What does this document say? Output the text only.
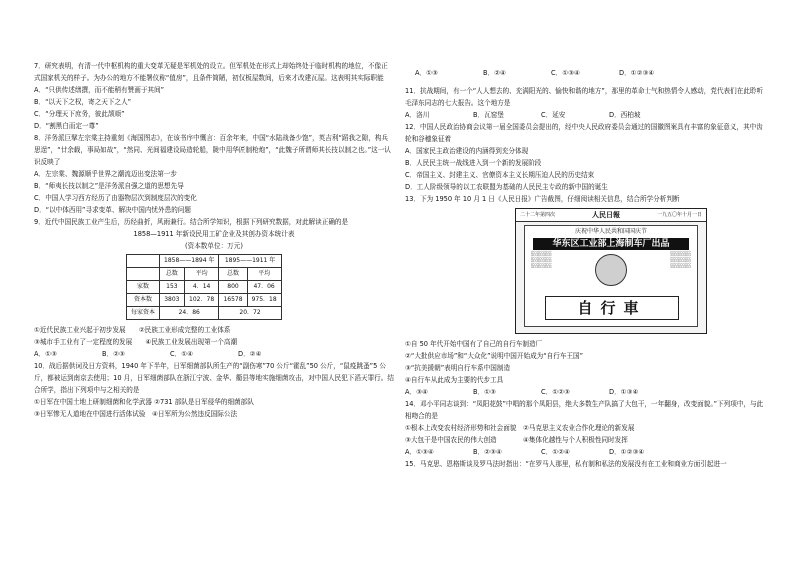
7．研究表明，有清一代中枢机构的重大变革无疑是军机处的设立。但军机处在形式上却始终处于临时机构的地位，不像正式国家机关的样子。为办公的地方不能署仪称“值房”，且条件简陋，初仅板屋数间，后来才改建瓦屋。这表明其实际职能

A．“只供传述缮撰，而不能稍有赞画于其间”

B．“以天下之权，寄之天下之人”

C．“分理天下庶务，彼此颉颃”

D．“割黑白而定一尊”

8．洋务派巨擘左宗棠主持重刻《海国图志》，在该书序中慨言：百余年来，中国“水陆战备少饱”，英吉利“蹈我之隙，构兵思逞”，“廿余载，事局如故”，“然同、光间福建设局造轮船，陇中用华匠制枪炮”，“此魏子所谓师其长技以制之也。”这一认识反映了

A．左宗棠、魏源顺乎世界之潮流迈出变法第一步

B．“师夷长技以制之”是洋务派自强之道的思想先导

C．中国人学习西方经历了由器物层次到制度层次的变化

D．“以中体西用”寻求变革、解决中国内忧外患的问题

9．近代中国民族工业产生后，历经曲折，风雨兼行。结合所学知识，根据下列研究数据，对此解读正确的是

1858—1911 年新设民用工矿企业及其创办资本统计表

(资本数单位：万元)

	1858——1894 年		1895——1911 年	
	总数	平均	总数	平均
家数	153	4．14	800	47．06
资本数	3803	102．78	16578	975．18
每家资本	24．86		20．72	

①近代民族工业兴起于初步发展　　 ②民族工业形成完整的工业体系

③城市手工业有了一定程度的发展　　 ④民族工业发展出现第一个高潮

A．①③	B．②③	C．①④	D．②④

10．战后据供词及日方资料，1940 年下半年，日军细菌部队所生产的“副伤寒”70 公斤“霍乱”50 公斤，“鼠疫跳蚤”5 公斤，都被运到南京去使用；10 月，日军细菌部队在浙江宁波、金华、衢县等地实施细菌攻击，对中国人民犯下滔天罪行。结合所学，指出下列项中与之相关的是

①日军在中国土地上研制细菌和化学武器 ②731 部队是日军侵华的细菌部队

③日军惨无人道地在中国进行活体试验　④日军所为公然违反国际公法

A．①③	B．②④	C．①③④	D．①②③④

11．抗战期间，有一个“人人想去的、充满阳光的、愉快和谐的地方”，那里的革命士气和热情令人感动，党代表们在此聆听毛泽东同志的七大报告。这个地方是

A．洛川	B．瓦窑堡	C．延安	D．西柏坡

12．中国人民政治协商会议第一届全国委员会提出的，经中央人民政府委员会通过的国徽图案具有丰富的象征意义，其中齿轮和谷穗象征着

A．国家民主政治建设的内涵得到充分体现

B．人民民主统一战线进入到一个新的发展阶段

C．帝国主义、封建主义、官僚资本主义长期压迫人民的历史结束

D．工人阶级领导的以工农联盟为基础的人民民主专政的新中国的诞生

13．下为 1950 年 10 月 1 日《人民日报》广告截图，仔细阅读相关信息，结合所学分析判断

二十二年第四次	人民日報	一九五〇年十月一日
庆祝中华人民共和国国庆节
华东区工业部上海制车厂出品
░░░░░░
░░░░░░
░░░░░░
░░░░░░
░░░░░░
░░░░░░
自行車

①自 50 年代开始中国有了自己的自行车制造厂

②“大批供应市场”和“大众化”说明中国开始成为“自行车王国”

③“抗美援朝”表明自行车系中国制造

④自行车从此成为主要的代步工具

A．③④	B．①③	C．①②③	D．①③④

14．邓小平同志谈到：“凤阳花鼓”中唱的那个凤阳县，绝大多数生产队搞了大包干，一年翻身，改变面貌。”下列项中，与此相吻合的是

①根本上改变农村经济形势和社会面貌　②马克思主义农业合作化理论的新发展

③大包干是中国农民的伟大创造　　　　④集体化越性与个人积极性同时发挥

A．①③④	B．②③④	C．①②④	D．①②③④

15．马克思、恩格斯谈及罗马法时指出：“在罗马人那里，私有制和私法的发展没有在工业和商业方面引起进一
